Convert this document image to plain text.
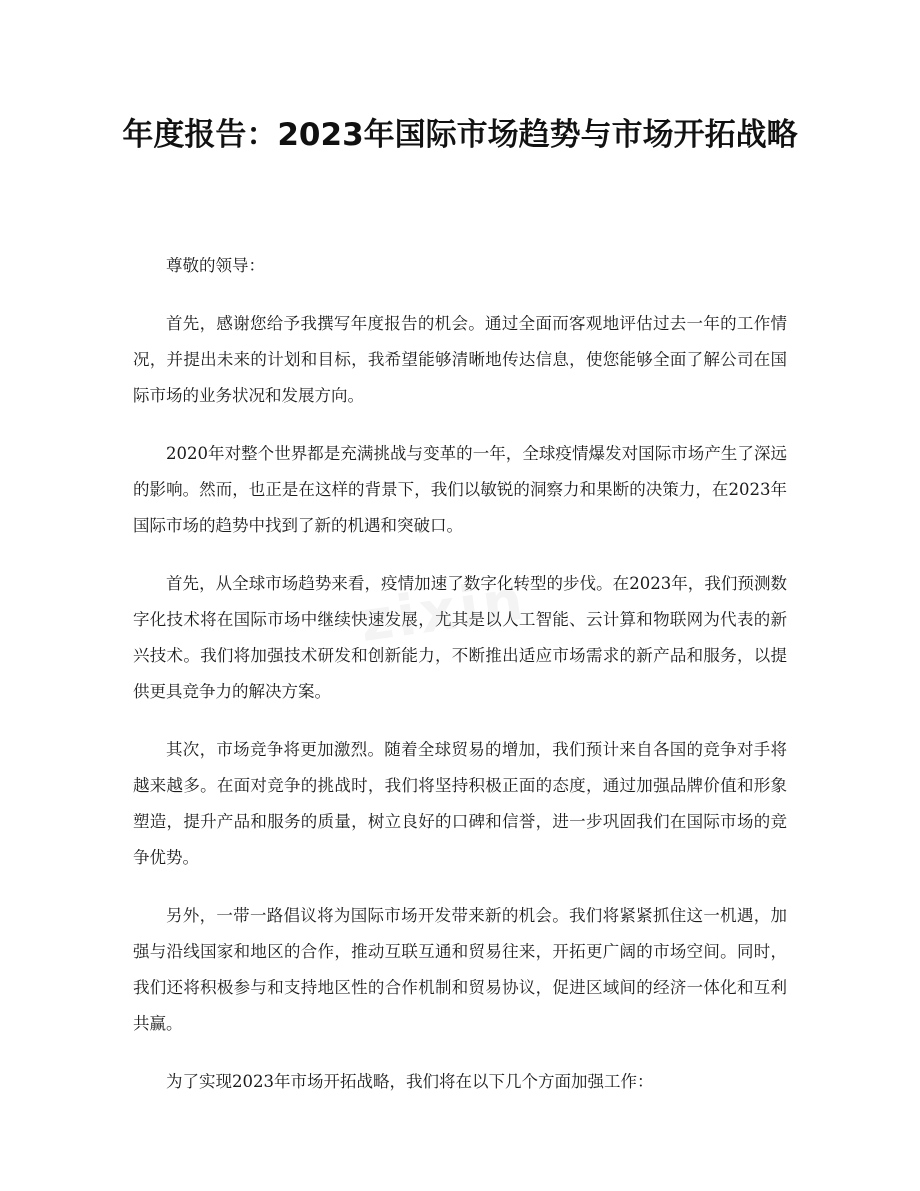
年度报告：2023年国际市场趋势与市场开拓战略

尊敬的领导：

首先，感谢您给予我撰写年度报告的机会。通过全面而客观地评估过去一年的工作情况，并提出未来的计划和目标，我希望能够清晰地传达信息，使您能够全面了解公司在国际市场的业务状况和发展方向。

2020年对整个世界都是充满挑战与变革的一年，全球疫情爆发对国际市场产生了深远的影响。然而，也正是在这样的背景下，我们以敏锐的洞察力和果断的决策力，在2023年国际市场的趋势中找到了新的机遇和突破口。

首先，从全球市场趋势来看，疫情加速了数字化转型的步伐。在2023年，我们预测数字化技术将在国际市场中继续快速发展，尤其是以人工智能、云计算和物联网为代表的新兴技术。我们将加强技术研发和创新能力，不断推出适应市场需求的新产品和服务，以提供更具竞争力的解决方案。

其次，市场竞争将更加激烈。随着全球贸易的增加，我们预计来自各国的竞争对手将越来越多。在面对竞争的挑战时，我们将坚持积极正面的态度，通过加强品牌价值和形象塑造，提升产品和服务的质量，树立良好的口碑和信誉，进一步巩固我们在国际市场的竞争优势。

另外，一带一路倡议将为国际市场开发带来新的机会。我们将紧紧抓住这一机遇，加强与沿线国家和地区的合作，推动互联互通和贸易往来，开拓更广阔的市场空间。同时，我们还将积极参与和支持地区性的合作机制和贸易协议，促进区域间的经济一体化和互利共赢。

为了实现2023年市场开拓战略，我们将在以下几个方面加强工作：

zixin
